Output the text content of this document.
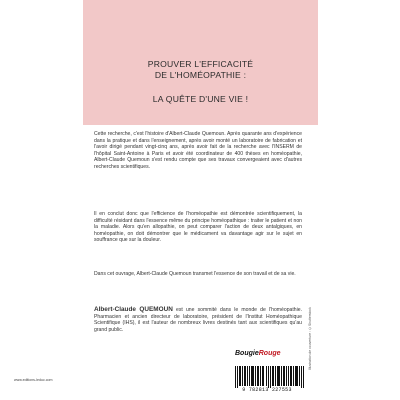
PROUVER L'EFFICACITÉ
DE L'HOMÉOPATHIE :
LA QUÊTE D'UNE VIE !
Cette recherche, c'est l'histoire d'Albert-Claude Quemoun. Après quarante ans d'expérience dans la pratique et dans l'enseignement, après avoir monté un laboratoire de fabrication et l'avoir dirigé pendant vingt-cinq ans, après avoir fait de la recherche avec l'INSERM de l'hôpital Saint-Antoine à Paris et avoir été coordinateur de 400 thèses en homéopathie, Albert-Claude Quemoun s'est rendu compte que ses travaux convergeaient avec d'autres recherches scientifiques.
Il en conclut donc que l'efficience de l'homéopathie est démontrée scientifiquement, la difficulté résidant dans l'essence même du principe homéopathique : traiter le patient et non la maladie. Alors qu'en allopathie, on peut comparer l'action de deux antalgiques, en homéopathie, on doit démontrer que le médicament va davantage agir sur le sujet en souffrance que sur la douleur.
Dans cet ouvrage, Albert-Claude Quemoun transmet l'essence de son travail et de sa vie.
Albert-Claude QUEMOUN est une sommité dans le monde de l'homéopathie. Pharmacien et ancien directeur de laboratoire, président de l'Institut Homéopathique Scientifique (IHS), il est l'auteur de nombreux livres destinés tant aux scientifiques qu'au grand public.	Illustration de couverture : ©Shutterstock
BougieRouge
9 782813 227553
www.editions-leduc.com
